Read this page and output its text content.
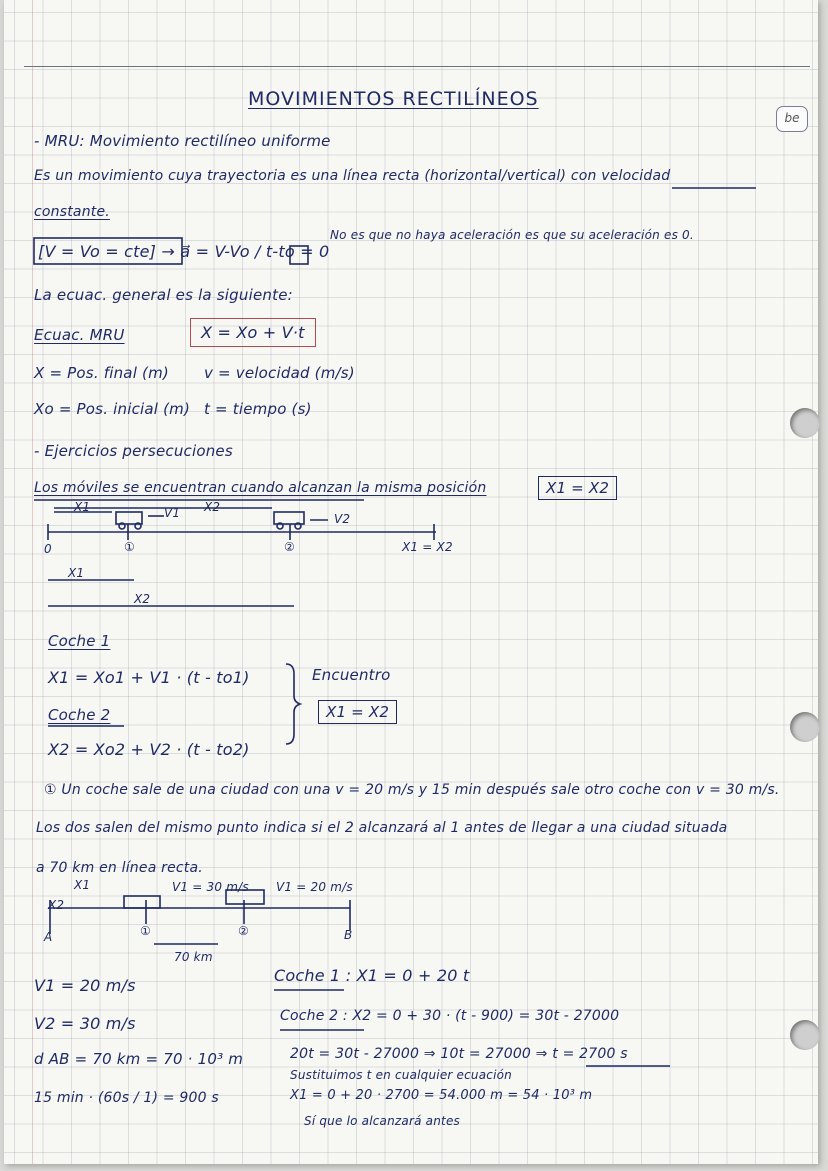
be
MOVIMIENTOS RECTILÍNEOS
- MRU: Movimiento rectilíneo uniforme
Es un movimiento cuya trayectoria es una línea recta (horizontal/vertical) con velocidad
constante.
[V = Vo = cte] → a⃗ = V-Vo / t-to = 0
No es que no haya aceleración es que su aceleración es 0.
La ecuac. general es la siguiente:
Ecuac. MRU	X = Xo + V·t
X = Pos. final (m) v = velocidad (m/s)
Xo = Pos. inicial (m) t = tiempo (s)
- Ejercicios persecuciones
Los móviles se encuentran cuando alcanzan la misma posición	X1 = X2
X1	X2
V1	V2
0	①	②	X1 = X2
X1
X2
Coche 1
X1 = Xo1 + V1 · (t - to1)
Coche 2
X2 = Xo2 + V2 · (t - to2)
Encuentro
X1 = X2
① Un coche sale de una ciudad con una v = 20 m/s y 15 min después sale otro coche con v = 30 m/s.
Los dos salen del mismo punto indica si el 2 alcanzará al 1 antes de llegar a una ciudad situada
a 70 km en línea recta.
X1
X2
V1 = 30 m/s V1 = 20 m/s
A	①	②	B
70 km
V1 = 20 m/s
V2 = 30 m/s
d AB = 70 km = 70 · 10³ m
15 min · (60s / 1) = 900 s
Coche 1 : X1 = 0 + 20 t
Coche 2 : X2 = 0 + 30 · (t - 900) = 30t - 27000
20t = 30t - 27000 ⇒ 10t = 27000 ⇒ t = 2700 s
Sustituimos t en cualquier ecuación
X1 = 0 + 20 · 2700 = 54.000 m = 54 · 10³ m
Sí que lo alcanzará antes
